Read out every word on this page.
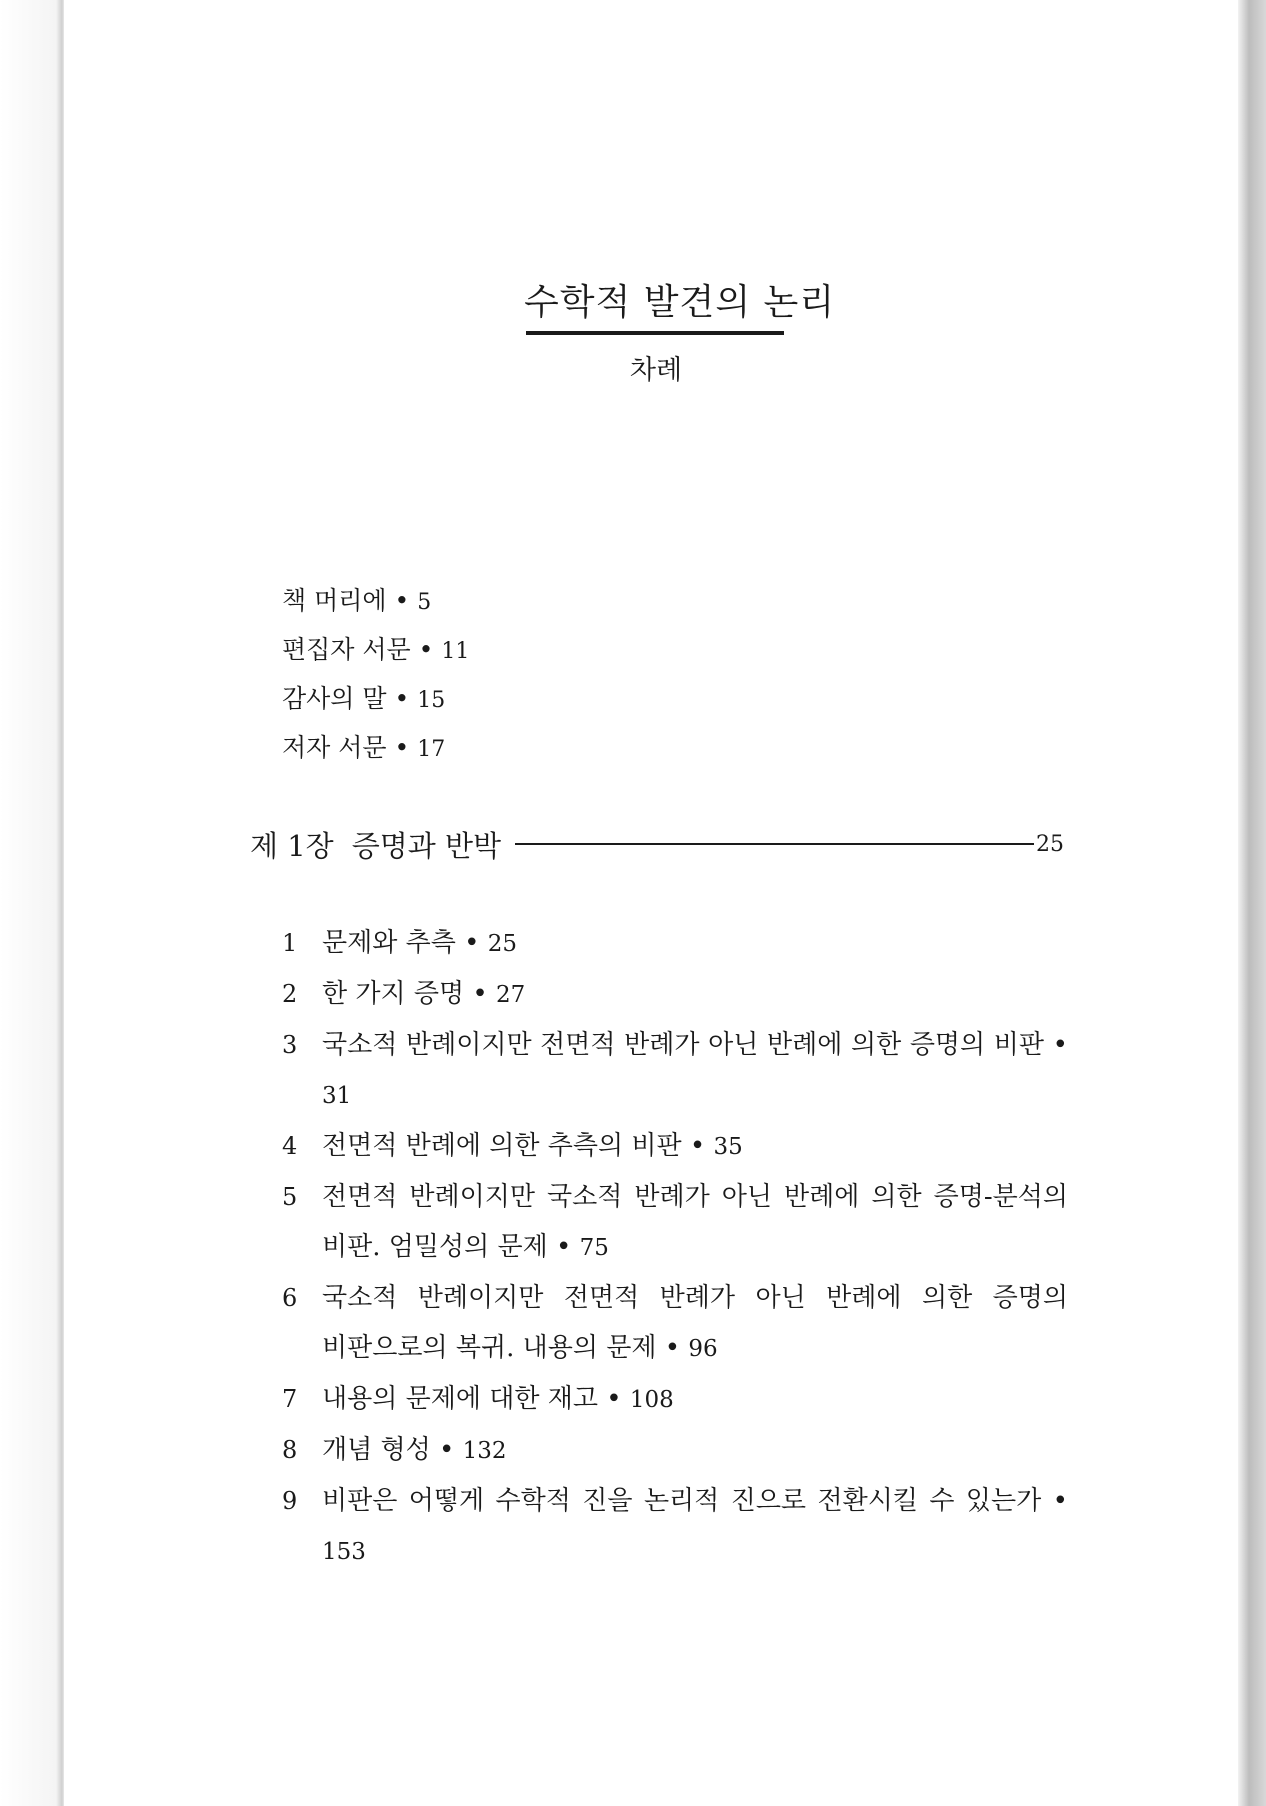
수학적 발견의 논리
차례
책 머리에 • 5
편집자 서문 • 11
감사의 말 • 15
저자 서문 • 17
제 1장 증명과 반박	25
1 문제와 추측 • 25
2 한 가지 증명 • 27
3 국소적 반례이지만 전면적 반례가 아닌 반례에 의한 증명의 비판 • 31
4 전면적 반례에 의한 추측의 비판 • 35
5 전면적 반례이지만 국소적 반례가 아닌 반례에 의한 증명-분석의 비판. 엄밀성의 문제 • 75
6 국소적 반례이지만 전면적 반례가 아닌 반례에 의한 증명의 비판으로의 복귀. 내용의 문제 • 96
7 내용의 문제에 대한 재고 • 108
8 개념 형성 • 132
9 비판은 어떻게 수학적 진을 논리적 진으로 전환시킬 수 있는가 • 153
